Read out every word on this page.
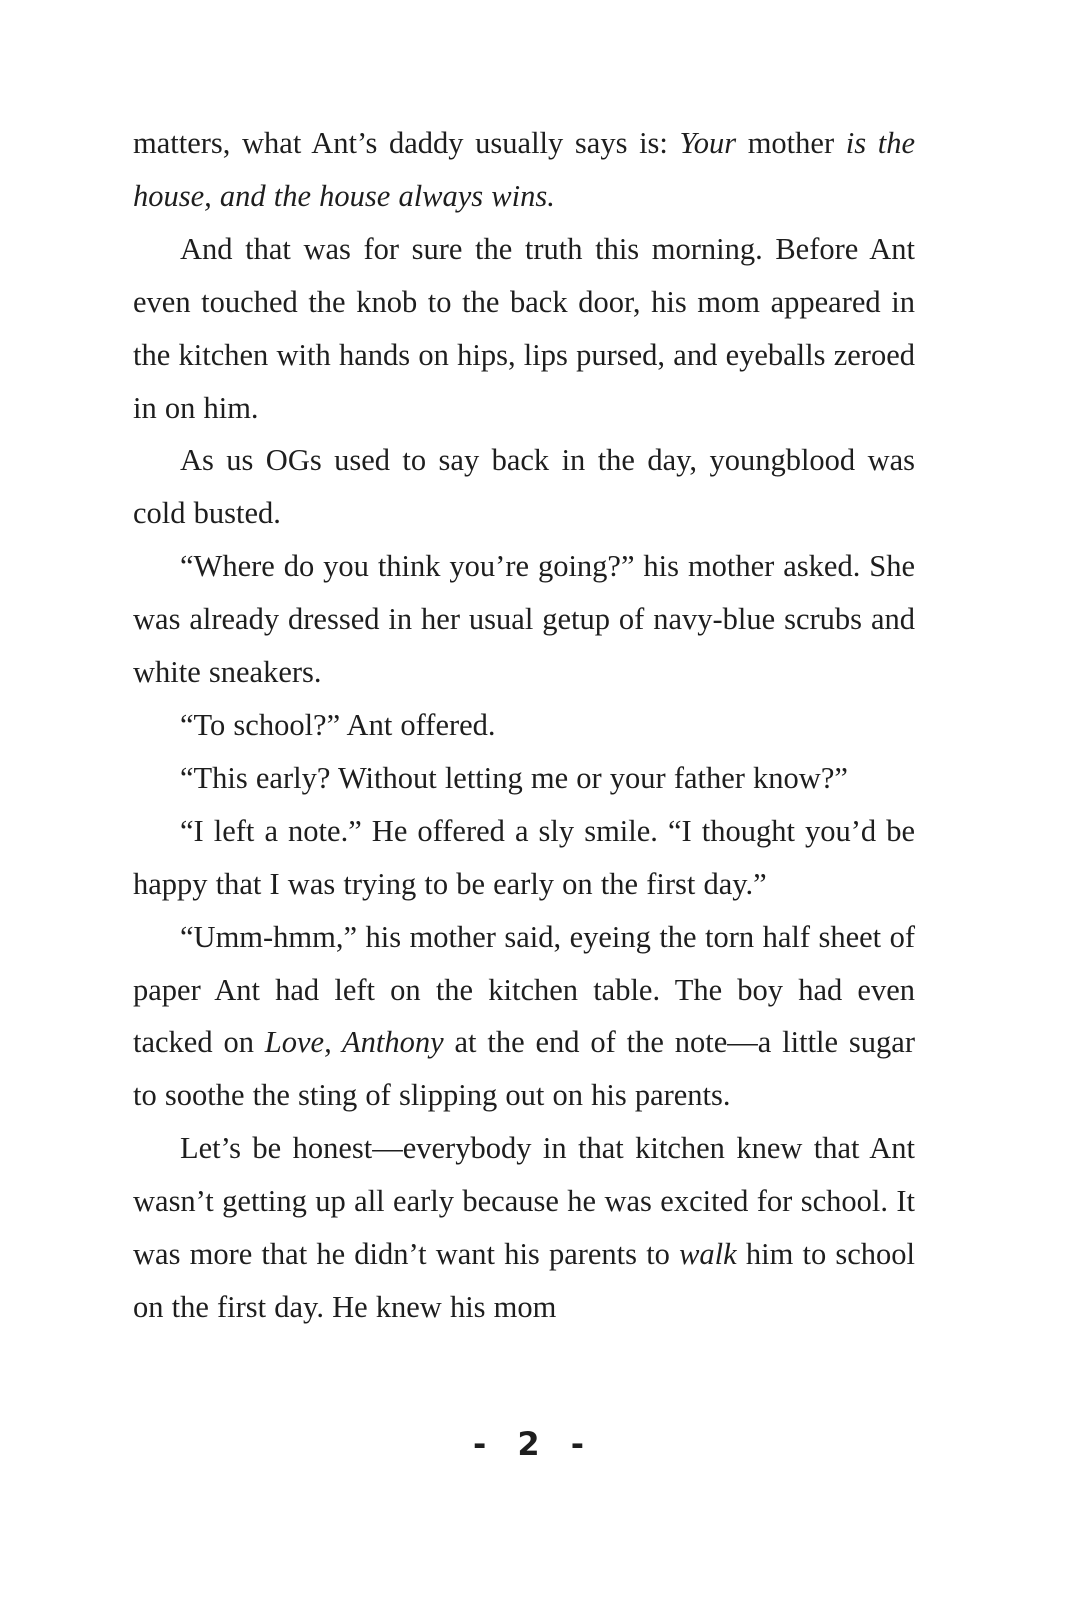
matters, what Ant’s daddy usually says is: Your mother is the house, and the house always wins.

And that was for sure the truth this morning. Before Ant even touched the knob to the back door, his mom appeared in the kitchen with hands on hips, lips pursed, and eyeballs zeroed in on him.

As us OGs used to say back in the day, youngblood was cold busted.

“Where do you think you’re going?” his mother asked. She was already dressed in her usual getup of navy-blue scrubs and white sneakers.

“To school?” Ant offered.

“This early? Without letting me or your father know?”

“I left a note.” He offered a sly smile. “I thought you’d be happy that I was trying to be early on the first day.”

“Umm-hmm,” his mother said, eyeing the torn half sheet of paper Ant had left on the kitchen table. The boy had even tacked on Love, Anthony at the end of the note—a little sugar to soothe the sting of slipping out on his parents.

Let’s be honest—everybody in that kitchen knew that Ant wasn’t getting up all early because he was excited for school. It was more that he didn’t want his parents to walk him to school on the first day. He knew his mom

- 2 -
